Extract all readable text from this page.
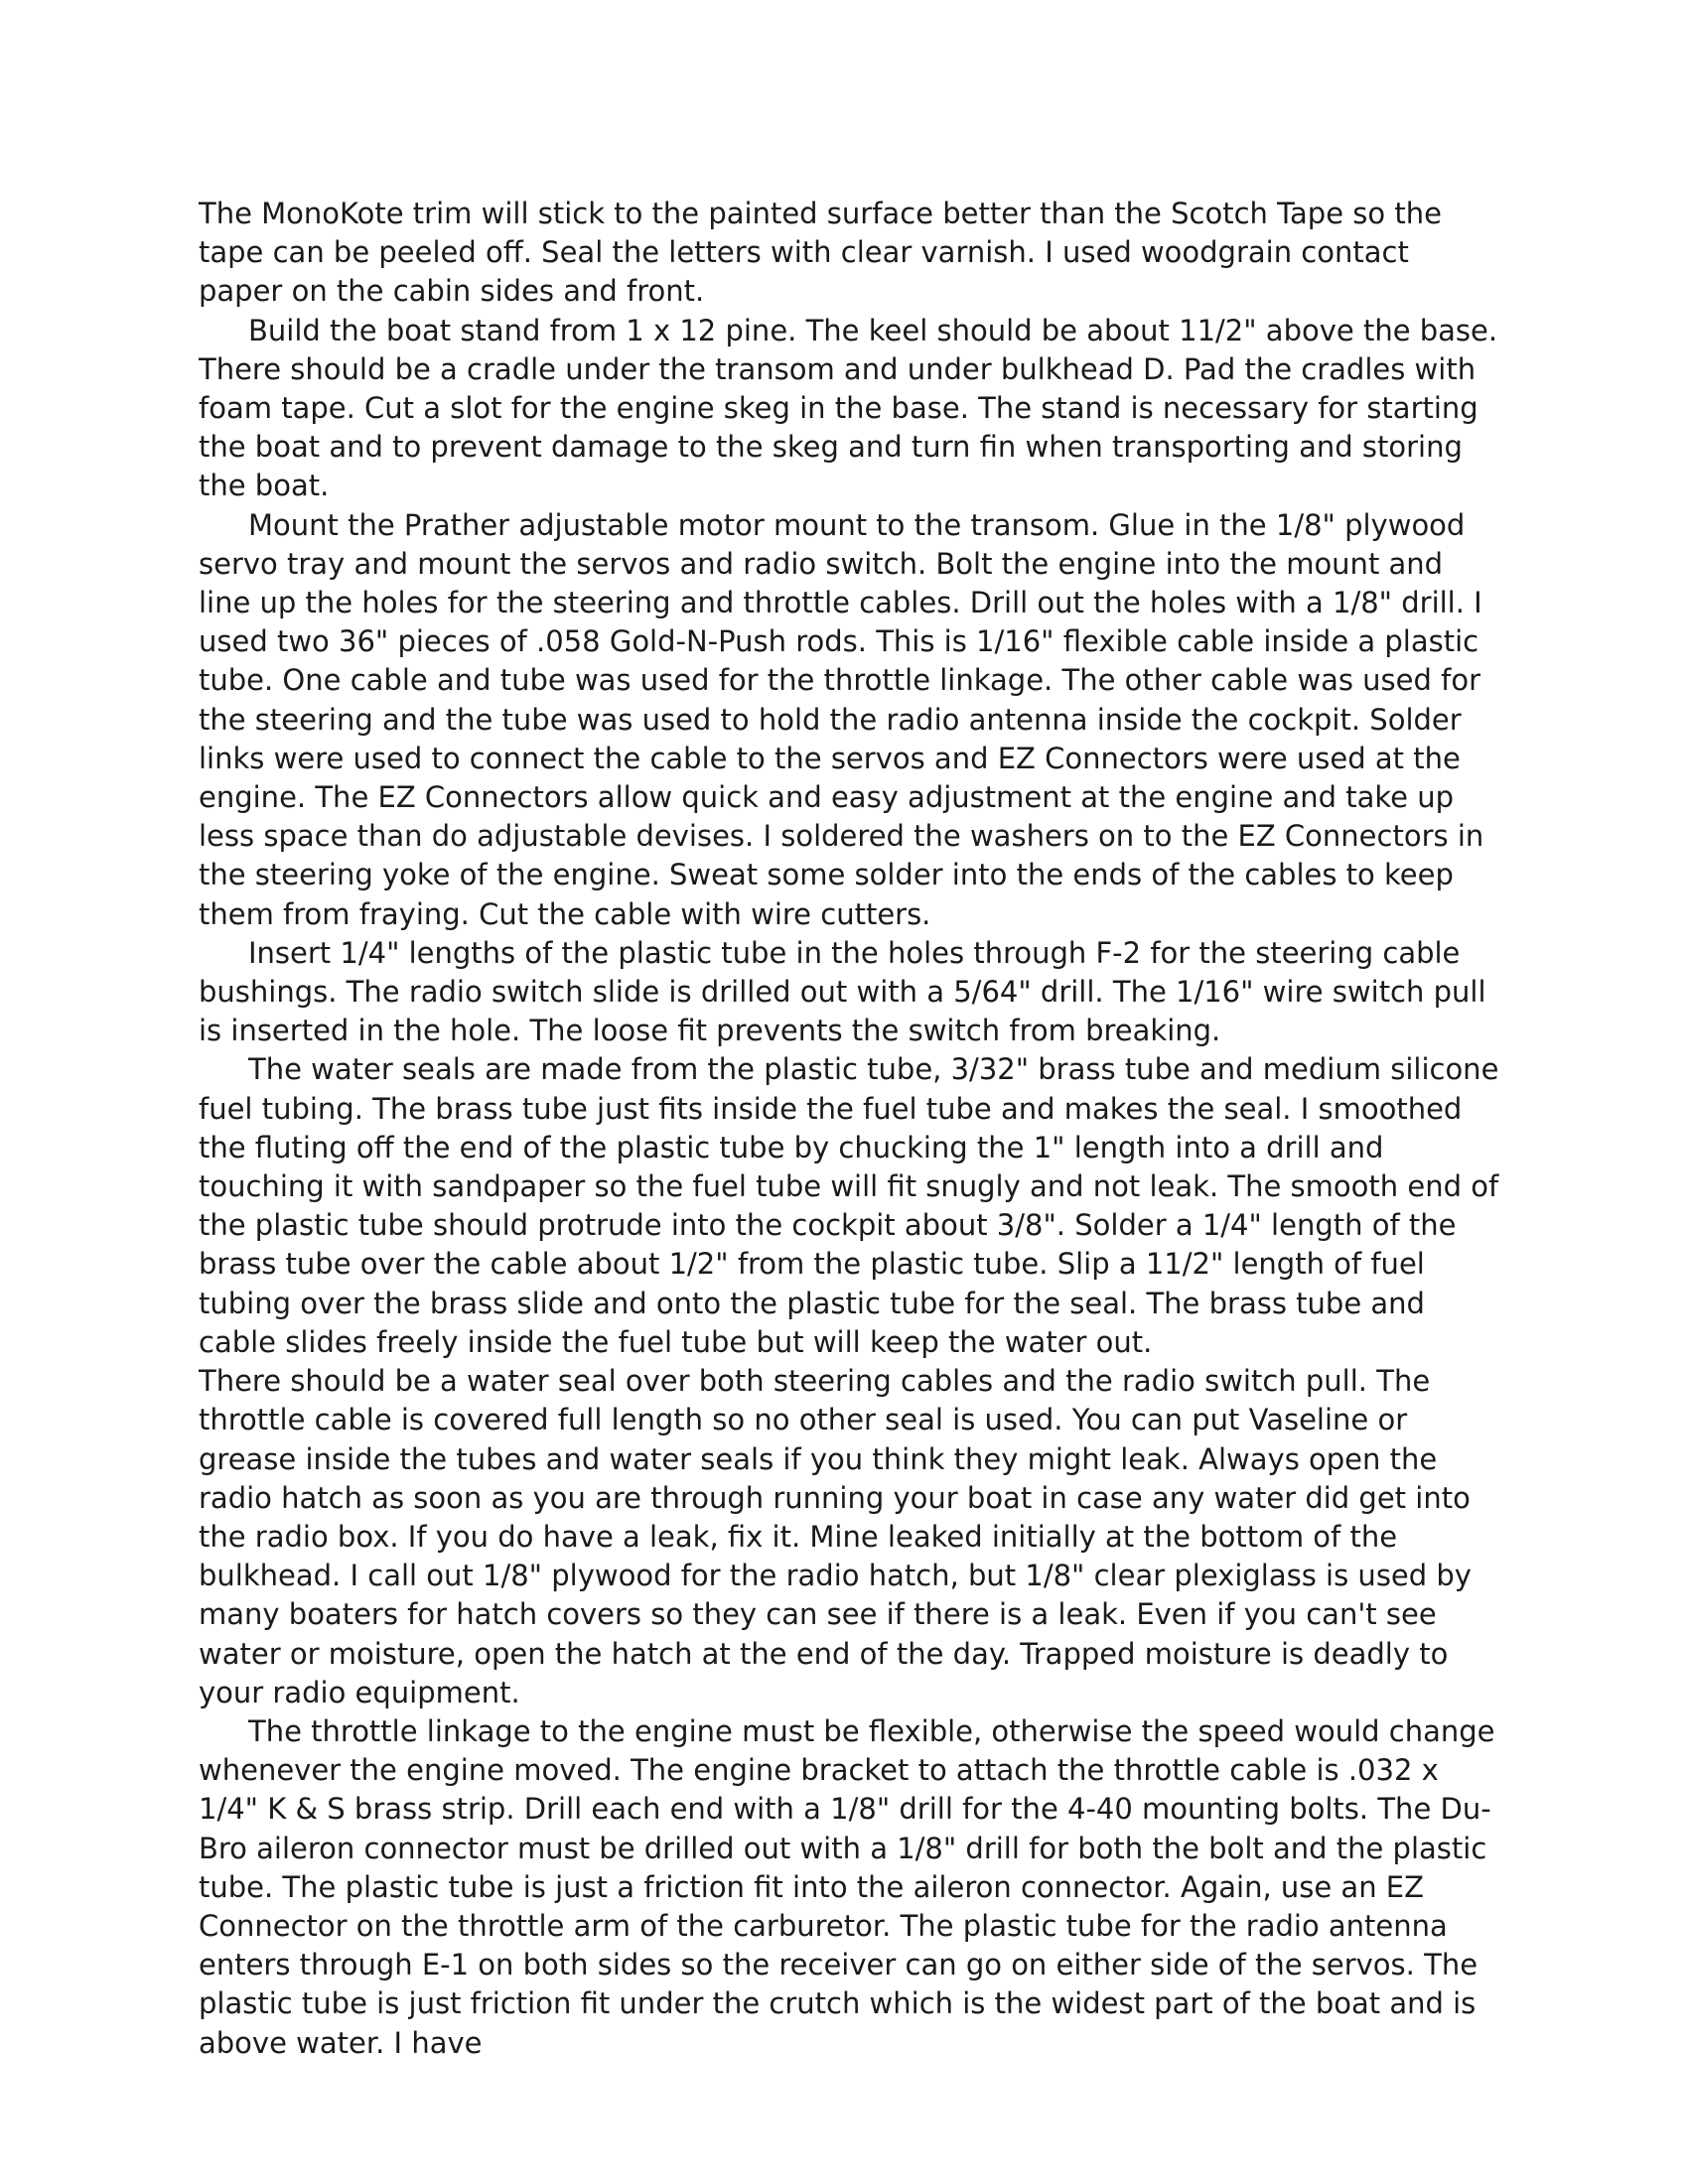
The MonoKote trim will stick to the painted surface better than the Scotch Tape so the tape can be peeled off. Seal the letters with clear varnish. I used woodgrain contact paper on the cabin sides and front.

Build the boat stand from 1 x 12 pine. The keel should be about 11/2" above the base. There should be a cradle under the transom and under bulkhead D. Pad the cradles with foam tape. Cut a slot for the engine skeg in the base. The stand is necessary for starting the boat and to prevent damage to the skeg and turn fin when transporting and storing the boat.

Mount the Prather adjustable motor mount to the transom. Glue in the 1/8" plywood servo tray and mount the servos and radio switch. Bolt the engine into the mount and line up the holes for the steering and throttle cables. Drill out the holes with a 1/8" drill. I used two 36" pieces of .058 Gold-N-Push rods. This is 1/16" flexible cable inside a plastic tube. One cable and tube was used for the throttle linkage. The other cable was used for the steering and the tube was used to hold the radio antenna inside the cockpit. Solder links were used to connect the cable to the servos and EZ Connectors were used at the engine. The EZ Connectors allow quick and easy adjustment at the engine and take up less space than do adjustable devises. I soldered the washers on to the EZ Connectors in the steering yoke of the engine. Sweat some solder into the ends of the cables to keep them from fraying. Cut the cable with wire cutters.

Insert 1/4" lengths of the plastic tube in the holes through F-2 for the steering cable bushings. The radio switch slide is drilled out with a 5/64" drill. The 1/16" wire switch pull is inserted in the hole. The loose fit prevents the switch from breaking.

The water seals are made from the plastic tube, 3/32" brass tube and medium silicone fuel tubing. The brass tube just fits inside the fuel tube and makes the seal. I smoothed the fluting off the end of the plastic tube by chucking the 1" length into a drill and touching it with sandpaper so the fuel tube will fit snugly and not leak. The smooth end of the plastic tube should protrude into the cockpit about 3/8". Solder a 1/4" length of the brass tube over the cable about 1/2" from the plastic tube. Slip a 11/2" length of fuel tubing over the brass slide and onto the plastic tube for the seal. The brass tube and cable slides freely inside the fuel tube but will keep the water out.

There should be a water seal over both steering cables and the radio switch pull. The throttle cable is covered full length so no other seal is used. You can put Vaseline or grease inside the tubes and water seals if you think they might leak. Always open the radio hatch as soon as you are through running your boat in case any water did get into the radio box. If you do have a leak, fix it. Mine leaked initially at the bottom of the bulkhead. I call out 1/8" plywood for the radio hatch, but 1/8" clear plexiglass is used by many boaters for hatch covers so they can see if there is a leak. Even if you can't see water or moisture, open the hatch at the end of the day. Trapped moisture is deadly to your radio equipment.

The throttle linkage to the engine must be flexible, otherwise the speed would change whenever the engine moved. The engine bracket to attach the throttle cable is .032 x 1/4" K & S brass strip. Drill each end with a 1/8" drill for the 4-40 mounting bolts. The Du-Bro aileron connector must be drilled out with a 1/8" drill for both the bolt and the plastic tube. The plastic tube is just a friction fit into the aileron connector. Again, use an EZ Connector on the throttle arm of the carburetor. The plastic tube for the radio antenna enters through E-1 on both sides so the receiver can go on either side of the servos. The plastic tube is just friction fit under the crutch which is the widest part of the boat and is above water. I have
